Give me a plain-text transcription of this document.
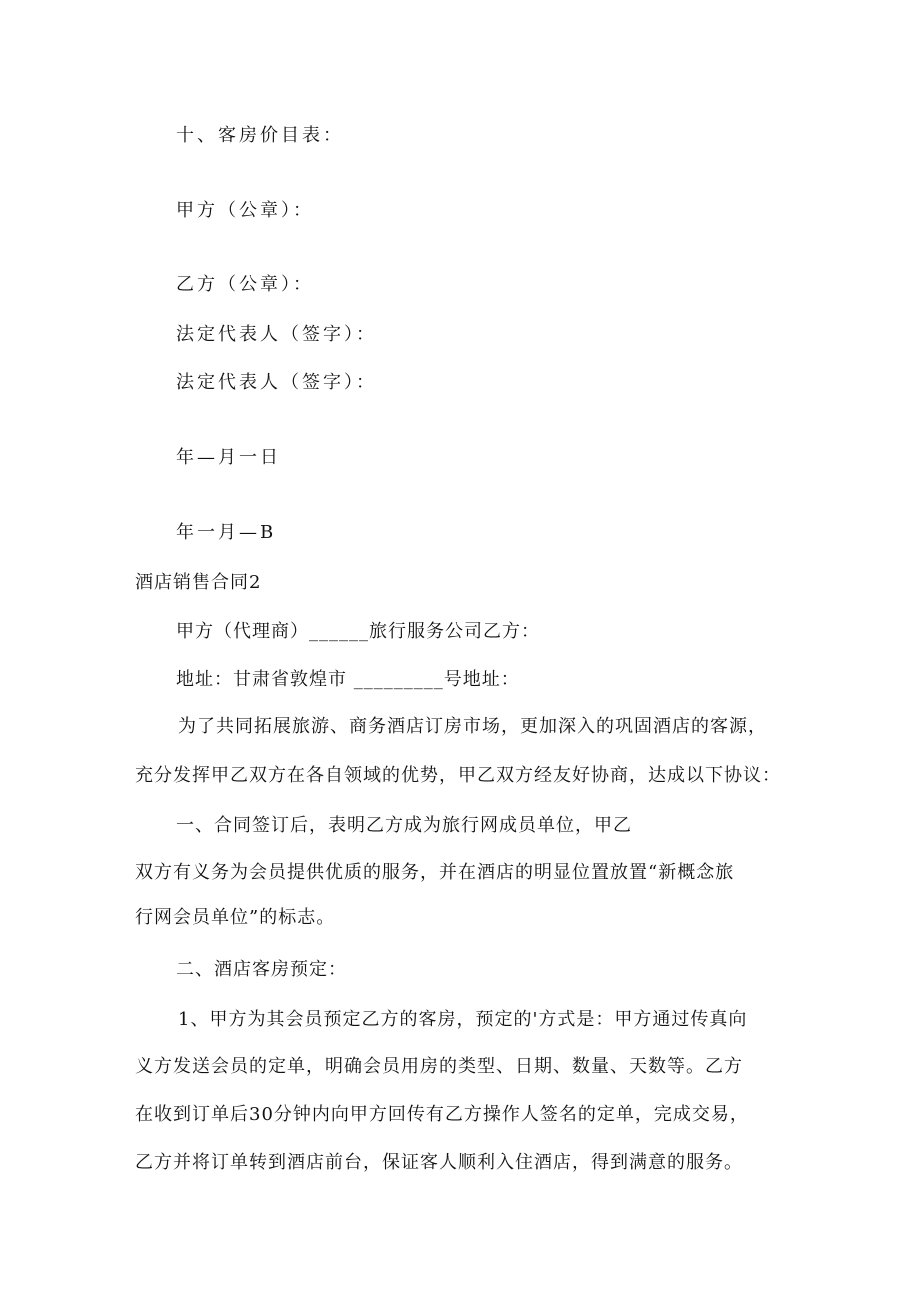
十、客房价目表：
甲方（公章）：
乙方（公章）：
法定代表人（签字）：
法定代表人（签字）：
年—月一日
年一月—B
酒店销售合同2
甲方（代理商）______旅行服务公司乙方：
地址：甘肃省敦煌市 _________号地址：
为了共同拓展旅游、商务酒店订房市场，更加深入的巩固酒店的客源，
充分发挥甲乙双方在各自领域的优势，甲乙双方经友好协商，达成以下协议：
一、合同签订后，表明乙方成为旅行网成员单位，甲乙
双方有义务为会员提供优质的服务，并在酒店的明显位置放置“新概念旅
行网会员单位”的标志。
二、酒店客房预定：
1、甲方为其会员预定乙方的客房，预定的'方式是：甲方通过传真向
义方发送会员的定单，明确会员用房的类型、日期、数量、天数等。乙方
在收到订单后30分钟内向甲方回传有乙方操作人签名的定单，完成交易，
乙方并将订单转到酒店前台，保证客人顺利入住酒店，得到满意的服务。
